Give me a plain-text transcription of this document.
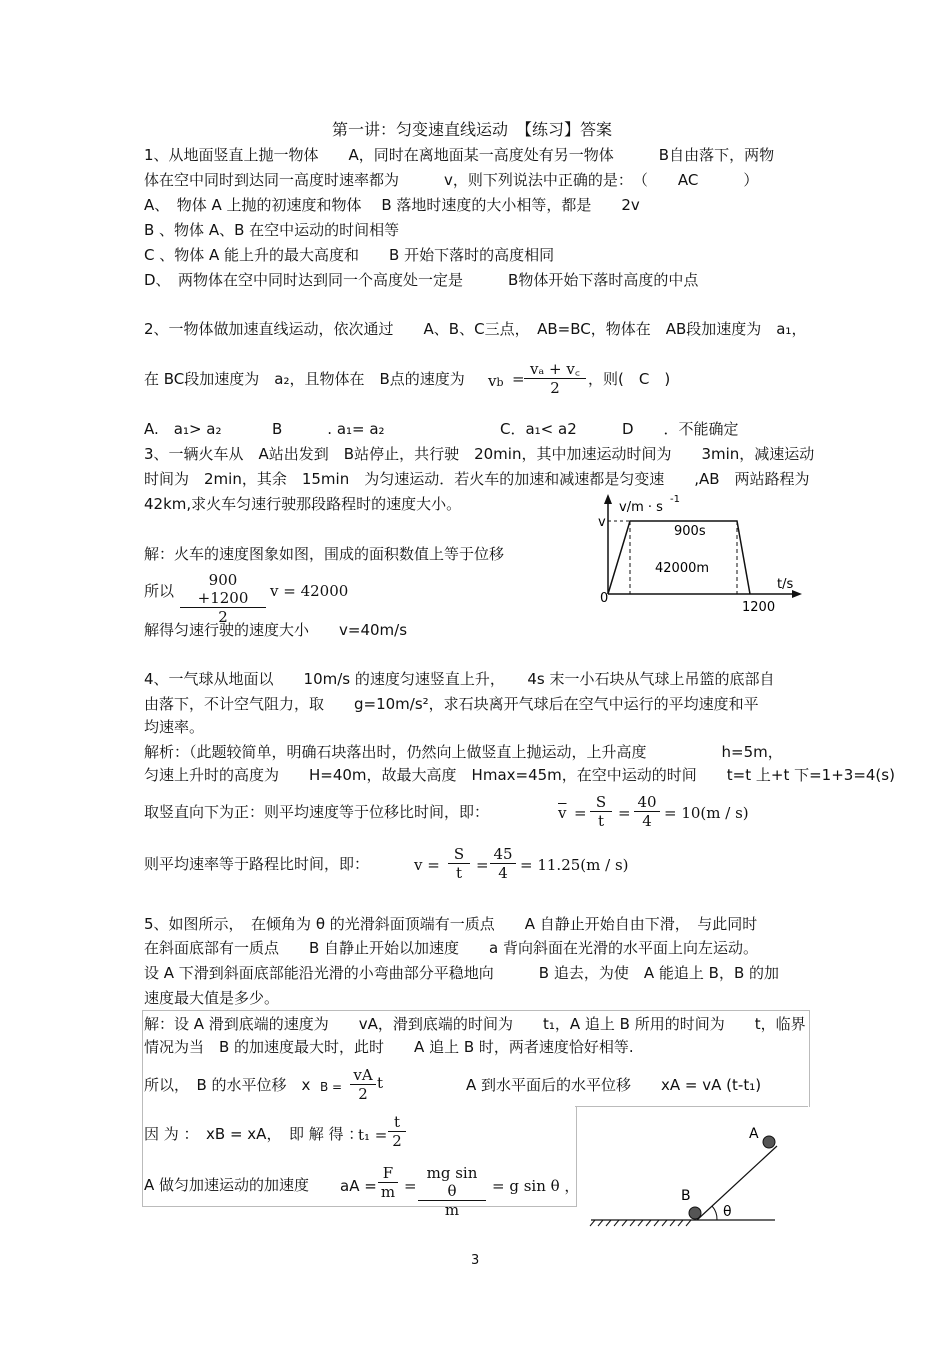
第一讲：匀变速直线运动　【练习】答案
1、从地面竖直上抛一物体　　A，同时在离地面某一高度处有另一物体　　　B自由落下，两物
体在空中同时到达同一高度时速率都为　　　v，则下列说法中正确的是：　（　　AC　　　）
A、　物体 A 上抛的初速度和物体　 B 落地时速度的大小相等，都是　　2v
B 、物体 A、B 在空中运动的时间相等
C 、物体 A 能上升的最大高度和　　B 开始下落时的高度相同
D、　两物体在空中同时达到同一个高度处一定是　　　B物体开始下落时高度的中点
2、一物体做加速直线运动，依次通过　　A、B、C三点，　AB=BC，物体在　AB段加速度为　a₁，
在 BC段加速度为　a₂，且物体在　B点的速度为 vb = $\frac{\text{vₐ + v꜀}}{2}$ ，则(　C　)
A.　a₁> a₂	B　　　. a₁= a₂	C．a₁< a2	D　　．不能确定
3、一辆火车从　A站出发到　B站停止，共行驶　20min，其中加速运动时间为　　3min，减速运动
时间为　2min，其余　15min　为匀速运动．若火车的加速和减速都是匀变速　　,AB　两站路程为
42km,求火车匀速行驶那段路程时的速度大小。
解：火车的速度图象如图，围成的面积数值上等于位移
所以 $\frac{900 +1200}{2}$ v = 42000
解得匀速行驶的速度大小　　v=40m/s
v/m · s
-1
v
0
t/s
1200
900s
42000m
4、一气球从地面以　　10m/s 的速度匀速竖直上升，　　4s 末一小石块从气球上吊篮的底部自
由落下，不计空气阻力，取　　g=10m/s²，求石块离开气球后在空气中运行的平均速度和平
均速率。
解析：（此题较简单，明确石块落出时，仍然向上做竖直上抛运动，上升高度　　　　　h=5m，
匀速上升时的高度为　　H=40m，故最大高度　Hmax=45m，在空中运动的时间　　t=t 上+t 下=1+3=4(s)
取竖直向下为正：则平均速度等于位移比时间，即：	$\overline{v} = \frac{S}{t} = \frac{40}{4} = 10(m / s)$
则平均速率等于路程比时间，即：	$v = \frac{S}{t} = \frac{45}{4} = 11.25(m / s)$
5、如图所示，　在倾角为 θ 的光滑斜面顶端有一质点　　A 自静止开始自由下滑，　与此同时
在斜面底部有一质点　　B 自静止开始以加速度　　a 背向斜面在光滑的水平面上向左运动。
设 A 下滑到斜面底部能沿光滑的小弯曲部分平稳地向　　　B 追去，为使　A 能追上 B，B 的加
速度最大值是多少。
解：设 A 滑到底端的速度为　　vA，滑到底端的时间为　　t₁，A 追上 B 所用的时间为　　t，临界
情况为当　B 的加速度最大时，此时　　A 追上 B 时，两者速度恰好相等.
所以，　B 的水平位移　x $B = \frac{vA}{2}$ t	A 到水平面后的水平位移　　xA = vA (t-t₁)
因 为 ：　xB = xA，　即 解 得 ：
$t_1 = \frac{t}{2}$
A 做匀加速运动的加速度 aA = $\frac{F}{m} = \frac{\text{mg sin θ}}{m} = g$ sin θ ，
A
B
θ
3
